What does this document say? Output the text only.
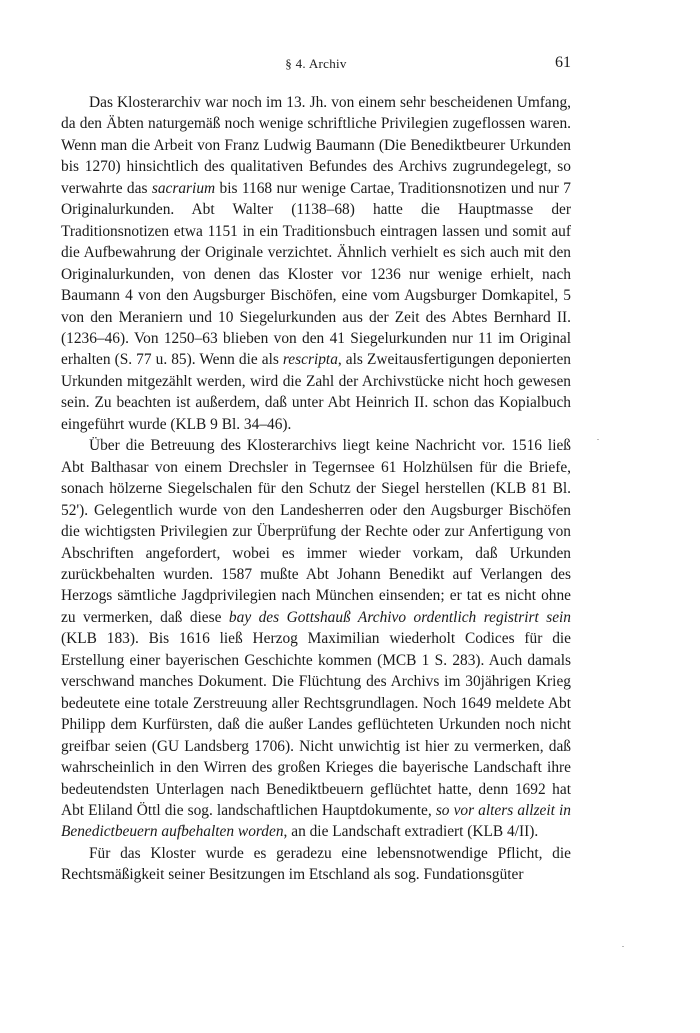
§ 4. Archiv	61

Das Klosterarchiv war noch im 13. Jh. von einem sehr bescheidenen Umfang, da den Äbten naturgemäß noch wenige schriftliche Privilegien zugeflossen waren. Wenn man die Arbeit von Franz Ludwig Baumann (Die Benediktbeurer Urkunden bis 1270) hinsichtlich des qualitativen Befundes des Archivs zugrundegelegt, so verwahrte das sacrarium bis 1168 nur wenige Cartae, Traditionsnotizen und nur 7 Originalurkunden. Abt Walter (1138–68) hatte die Hauptmasse der Traditionsnotizen etwa 1151 in ein Traditionsbuch eintragen lassen und somit auf die Aufbewahrung der Originale verzichtet. Ähnlich verhielt es sich auch mit den Originalurkunden, von denen das Kloster vor 1236 nur wenige erhielt, nach Baumann 4 von den Augsburger Bischöfen, eine vom Augsburger Domkapitel, 5 von den Meraniern und 10 Siegelurkunden aus der Zeit des Abtes Bernhard II. (1236–46). Von 1250–63 blieben von den 41 Siegelurkunden nur 11 im Original erhalten (S. 77 u. 85). Wenn die als rescripta, als Zweitausfertigungen deponierten Urkunden mitgezählt werden, wird die Zahl der Archivstücke nicht hoch gewesen sein. Zu beachten ist außerdem, daß unter Abt Heinrich II. schon das Kopialbuch eingeführt wurde (KLB 9 Bl. 34–46).

Über die Betreuung des Klosterarchivs liegt keine Nachricht vor. 1516 ließ Abt Balthasar von einem Drechsler in Tegernsee 61 Holzhülsen für die Briefe, sonach hölzerne Siegelschalen für den Schutz der Siegel herstellen (KLB 81 Bl. 52'). Gelegentlich wurde von den Landesherren oder den Augsburger Bischöfen die wichtigsten Privilegien zur Überprüfung der Rechte oder zur Anfertigung von Abschriften angefordert, wobei es immer wieder vorkam, daß Urkunden zurückbehalten wurden. 1587 mußte Abt Johann Benedikt auf Verlangen des Herzogs sämtliche Jagdprivilegien nach München einsenden; er tat es nicht ohne zu vermerken, daß diese bay des Gottshauß Archivo ordentlich registrirt sein (KLB 183). Bis 1616 ließ Herzog Maximilian wiederholt Codices für die Erstellung einer bayerischen Geschichte kommen (MCB 1 S. 283). Auch damals verschwand manches Dokument. Die Flüchtung des Archivs im 30jährigen Krieg bedeutete eine totale Zerstreuung aller Rechtsgrundlagen. Noch 1649 meldete Abt Philipp dem Kurfürsten, daß die außer Landes geflüchteten Urkunden noch nicht greifbar seien (GU Landsberg 1706). Nicht unwichtig ist hier zu vermerken, daß wahrscheinlich in den Wirren des großen Krieges die bayerische Landschaft ihre bedeutendsten Unterlagen nach Benediktbeuern geflüchtet hatte, denn 1692 hat Abt Eliland Öttl die sog. landschaftlichen Hauptdokumente, so vor alters allzeit in Benedictbeuern aufbehalten worden, an die Landschaft extradiert (KLB 4/II).

Für das Kloster wurde es geradezu eine lebensnotwendige Pflicht, die Rechtsmäßigkeit seiner Besitzungen im Etschland als sog. Fundationsgüter
